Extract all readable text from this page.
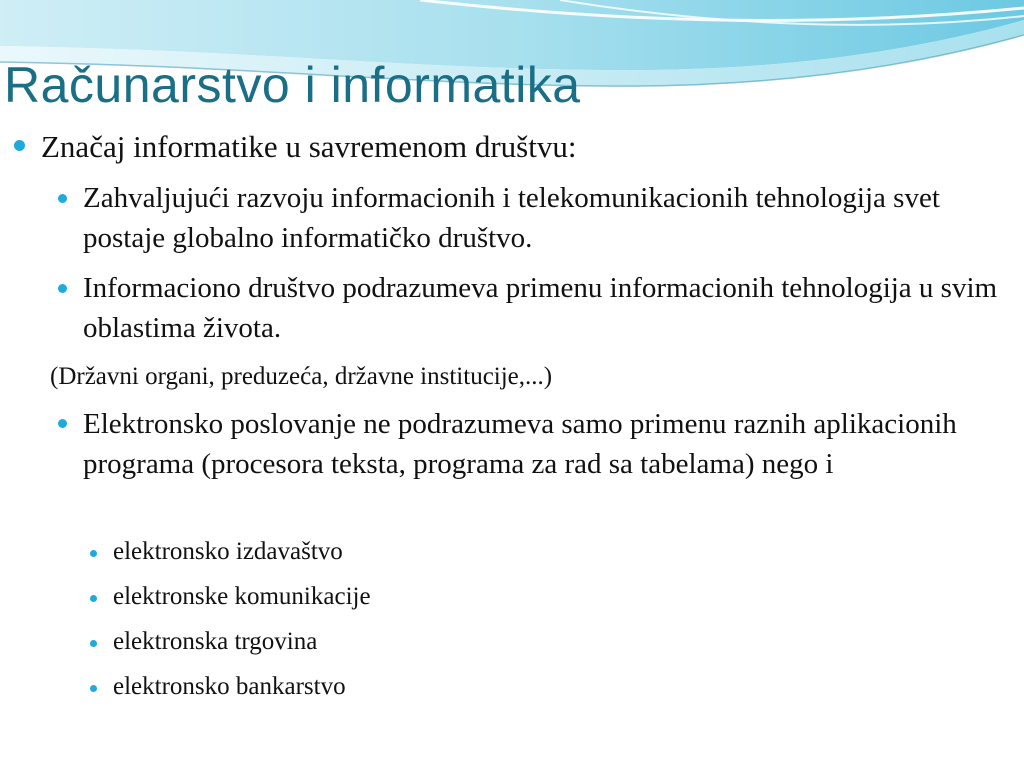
Računarstvo i informatika
Značaj informatike u savremenom društvu:
Zahvaljujući razvoju informacionih i telekomunikacionih tehnologija svet postaje globalno informatičko društvo.
Informaciono društvo podrazumeva primenu informacionih tehnologija u svim oblastima života.
(Državni organi, preduzeća, državne institucije,...)
Elektronsko poslovanje ne podrazumeva samo primenu raznih aplikacionih programa (procesora teksta, programa za rad sa tabelama) nego i
elektronsko izdavaštvo
elektronske komunikacije
elektronska trgovina
elektronsko bankarstvo
